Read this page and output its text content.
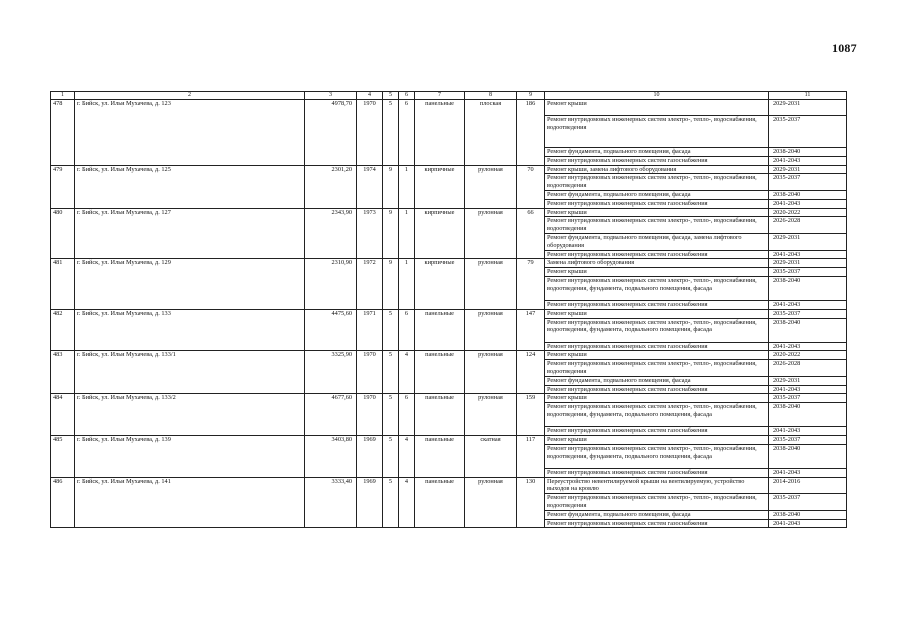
1087
1	2	3	4	5	6	7	8	9	10	11
478	г. Бийск, ул. Ильи Мухачева, д. 123	4978,70	1970	5	6	панельные	плоская	186	Ремонт крыши	2029-2031
									Ремонт внутридомовых инженерных систем электро-, тепло-, водоснабжения, водоотведения	2035-2037
									Ремонт фундамента, подвального помещения, фасада	2038-2040
									Ремонт внутридомовых инженерных систем газоснабжения	2041-2043
479	г. Бийск, ул. Ильи Мухачева, д. 125	2301,20	1974	9	1	кирпичные	рулонная	70	Ремонт крыши, замена лифтового оборудования	2029-2031
									Ремонт внутридомовых инженерных систем электро-, тепло-, водоснабжения, водоотведения	2035-2037
									Ремонт фундамента, подвального помещения, фасада	2038-2040
									Ремонт внутридомовых инженерных систем газоснабжения	2041-2043
480	г. Бийск, ул. Ильи Мухачева, д. 127	2343,90	1973	9	1	кирпичные	рулонная	66	Ремонт крыши	2020-2022
									Ремонт внутридомовых инженерных систем электро-, тепло-, водоснабжения, водоотведения	2026-2028
									Ремонт фундамента, подвального помещения, фасада, замена лифтового оборудования	2029-2031
									Ремонт внутридомовых инженерных систем газоснабжения	2041-2043
481	г. Бийск, ул. Ильи Мухачева, д. 129	2310,90	1972	9	1	кирпичные	рулонная	79	Замена лифтового оборудования	2029-2031
									Ремонт крыши	2035-2037
									Ремонт внутридомовых инженерных систем электро-, тепло-, водоснабжения, водоотведения, фундамента, подвального помещения, фасада	2038-2040
									Ремонт внутридомовых инженерных систем газоснабжения	2041-2043
482	г. Бийск, ул. Ильи Мухачева, д. 133	4475,60	1971	5	6	панельные	рулонная	147	Ремонт крыши	2035-2037
									Ремонт внутридомовых инженерных систем электро-, тепло-, водоснабжения, водоотведения, фундамента, подвального помещения, фасада	2038-2040
									Ремонт внутридомовых инженерных систем газоснабжения	2041-2043
483	г. Бийск, ул. Ильи Мухачева, д. 133/1	3325,90	1970	5	4	панельные	рулонная	124	Ремонт крыши	2020-2022
									Ремонт внутридомовых инженерных систем электро-, тепло-, водоснабжения, водоотведения	2026-2028
									Ремонт фундамента, подвального помещения, фасада	2029-2031
									Ремонт внутридомовых инженерных систем газоснабжения	2041-2043
484	г. Бийск, ул. Ильи Мухачева, д. 133/2	4677,60	1970	5	6	панельные	рулонная	159	Ремонт крыши	2035-2037
									Ремонт внутридомовых инженерных систем электро-, тепло-, водоснабжения, водоотведения, фундамента, подвального помещения, фасада	2038-2040
									Ремонт внутридомовых инженерных систем газоснабжения	2041-2043
485	г. Бийск, ул. Ильи Мухачева, д. 139	3403,80	1969	5	4	панельные	скатная	117	Ремонт крыши	2035-2037
									Ремонт внутридомовых инженерных систем электро-, тепло-, водоснабжения, водоотведения, фундамента, подвального помещения, фасада	2038-2040
									Ремонт внутридомовых инженерных систем газоснабжения	2041-2043
486	г. Бийск, ул. Ильи Мухачева, д. 141	3333,40	1969	5	4	панельные	рулонная	130	Переустройство невентилируемой крыши на вентилируемую, устройство выходов на кровлю	2014-2016
									Ремонт внутридомовых инженерных систем электро-, тепло-, водоснабжения, водоотведения	2035-2037
									Ремонт фундамента, подвального помещения, фасада	2038-2040
									Ремонт внутридомовых инженерных систем газоснабжения	2041-2043
